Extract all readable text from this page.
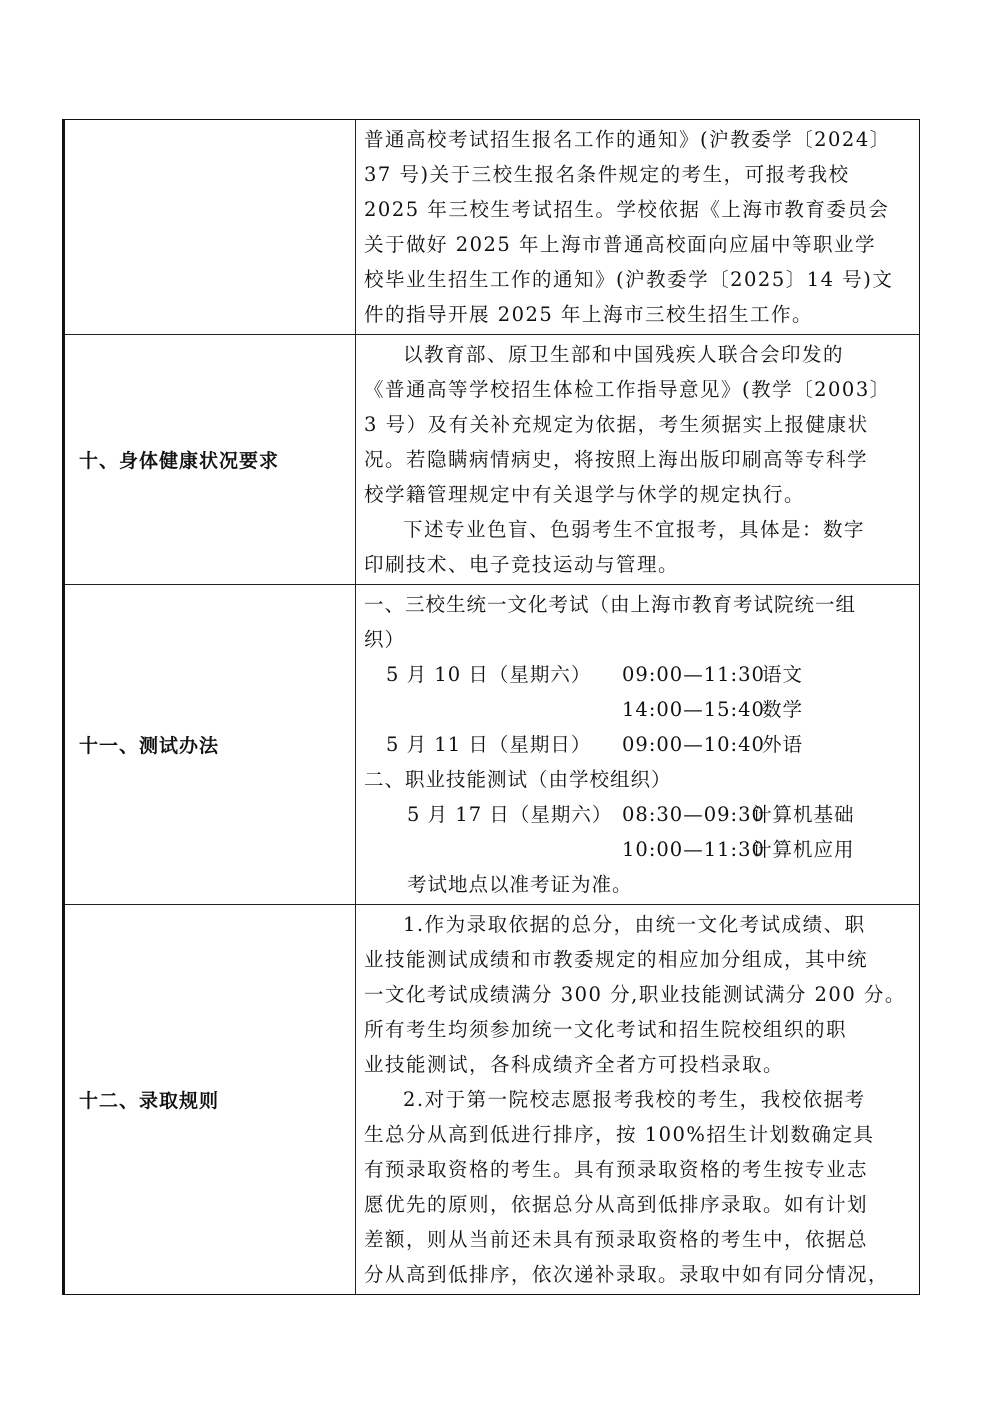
普通高校考试招生报名工作的通知》(沪教委学〔2024〕
37 号)关于三校生报名条件规定的考生，可报考我校
2025 年三校生考试招生。学校依据《上海市教育委员会
关于做好 2025 年上海市普通高校面向应届中等职业学
校毕业生招生工作的通知》(沪教委学〔2025〕14 号)文
件的指导开展 2025 年上海市三校生招生工作。

十、身体健康状况要求

以教育部、原卫生部和中国残疾人联合会印发的
《普通高等学校招生体检工作指导意见》(教学〔2003〕
3 号）及有关补充规定为依据，考生须据实上报健康状
况。若隐瞒病情病史，将按照上海出版印刷高等专科学
校学籍管理规定中有关退学与休学的规定执行。
下述专业色盲、色弱考生不宜报考，具体是：数字
印刷技术、电子竞技运动与管理。

十一、测试办法

一、三校生统一文化考试（由上海市教育考试院统一组
织）
5 月 10 日（星期六） 09:00—11:30语文
14:00—15:40数学
5 月 11 日（星期日） 09:00—10:40外语
二、职业技能测试（由学校组织）
5 月 17 日（星期六） 08:30—09:30计算机基础
10:00—11:30计算机应用
考试地点以准考证为准。

十二、录取规则

1.作为录取依据的总分，由统一文化考试成绩、职
业技能测试成绩和市教委规定的相应加分组成，其中统
一文化考试成绩满分 300 分,职业技能测试满分 200 分。
所有考生均须参加统一文化考试和招生院校组织的职
业技能测试，各科成绩齐全者方可投档录取。
2.对于第一院校志愿报考我校的考生，我校依据考
生总分从高到低进行排序，按 100%招生计划数确定具
有预录取资格的考生。具有预录取资格的考生按专业志
愿优先的原则，依据总分从高到低排序录取。如有计划
差额，则从当前还未具有预录取资格的考生中，依据总
分从高到低排序，依次递补录取。录取中如有同分情况，
